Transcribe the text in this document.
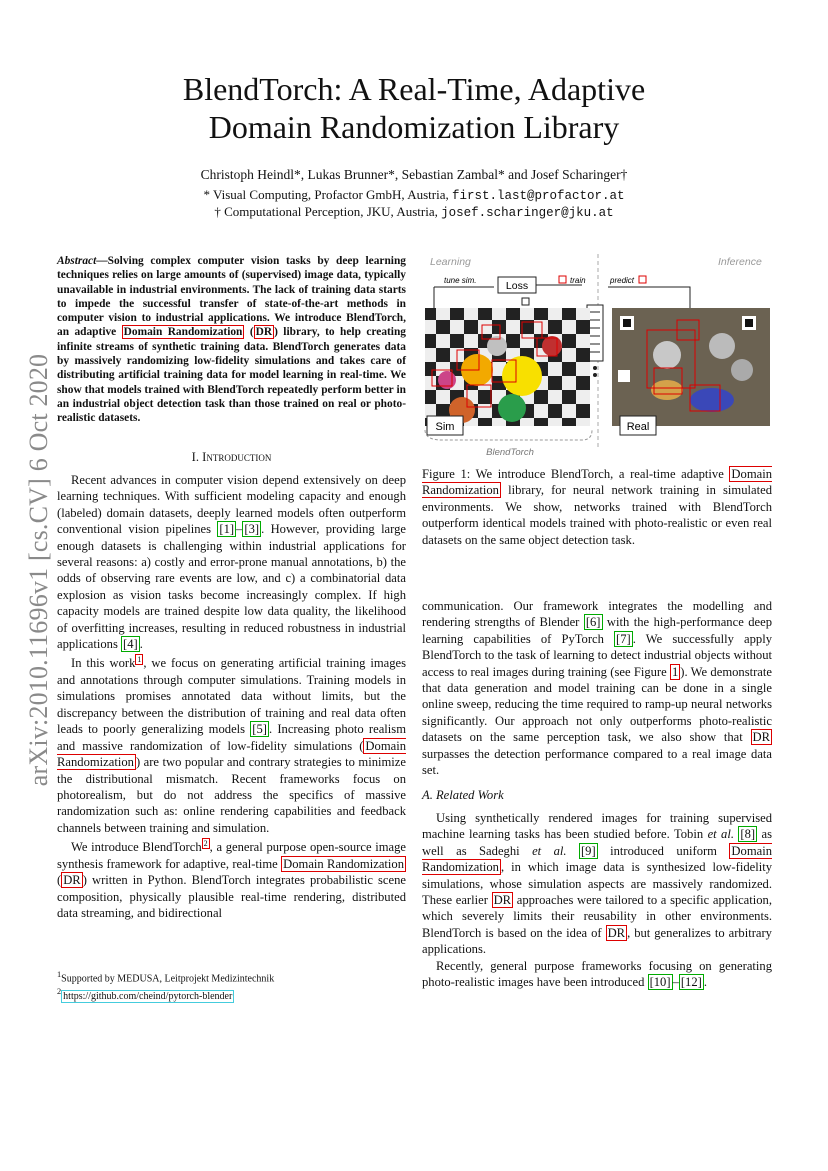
arXiv:2010.11696v1 [cs.CV] 6 Oct 2020
BlendTorch: A Real-Time, Adaptive
Domain Randomization Library
Christoph Heindl*, Lukas Brunner*, Sebastian Zambal* and Josef Scharinger†
* Visual Computing, Profactor GmbH, Austria, first.last@profactor.at
† Computational Perception, JKU, Austria, josef.scharinger@jku.at
Abstract—Solving complex computer vision tasks by deep learning techniques relies on large amounts of (supervised) image data, typically unavailable in industrial environments. The lack of training data starts to impede the successful transfer of state-of-the-art methods in computer vision to industrial applications. We introduce BlendTorch, an adaptive Domain Randomization ( DR ) library, to help creating infinite streams of synthetic training data. BlendTorch generates data by massively randomizing low-fidelity simulations and takes care of distributing artificial training data for model learning in real-time. We show that models trained with BlendTorch repeatedly perform better in an industrial object detection task than those trained on real or photo-realistic datasets.
I. Introduction

Recent advances in computer vision depend extensively on deep learning techniques. With sufficient modeling capacity and enough (labeled) domain datasets, deeply learned models often outperform conventional vision pipelines [1] – [3] . However, providing large enough datasets is challenging within industrial applications for several reasons: a) costly and error-prone manual annotations, b) the odds of observing rare events are low, and c) a combinatorial data explosion as vision tasks become increasingly complex. If high capacity models are trained despite low data quality, the likelihood of overfitting increases, resulting in reduced robustness in industrial applications [4] .

In this work $^1$ , we focus on generating artificial training images and annotations through computer simulations. Training models in simulations promises annotated data without limits, but the discrepancy between the distribution of training and real data often leads to poorly generalizing models [5] . Increasing photo realism and massive randomization of low-fidelity simulations ( Domain Randomization ) are two popular and contrary strategies to minimize the distributional mismatch. Recent frameworks focus on photorealism, but do not address the specifics of massive randomization such as: online rendering capabilities and feedback channels between training and simulation.

We introduce BlendTorch $^2$ , a general purpose open-source image synthesis framework for adaptive, real-time Domain Randomization ( DR ) written in Python. BlendTorch integrates probabilistic scene composition, physically plausible real-time rendering, distributed data streaming, and bidirectional

$^1$Supported by MEDUSA, Leitprojekt Medizintechnik
$^2$ https://github.com/cheind/pytorch-blender
Learning	Inference
tune sim.	Loss	train	predict
Sim	Real
BlendTorch
Figure 1: We introduce BlendTorch, a real-time adaptive Domain Randomization library, for neural network training in simulated environments. We show, networks trained with BlendTorch outperform identical models trained with photo-realistic or even real datasets on the same object detection task.

communication. Our framework integrates the modelling and rendering strengths of Blender [6] with the high-performance deep learning capabilities of PyTorch [7] . We successfully apply BlendTorch to the task of learning to detect industrial objects without access to real images during training (see Figure 1 ). We demonstrate that data generation and model training can be done in a single online sweep, reducing the time required to ramp-up neural networks significantly. Our approach not only outperforms photo-realistic datasets on the same perception task, we also show that DR surpasses the detection performance compared to a real image data set.

A. Related Work

Using synthetically rendered images for training supervised machine learning tasks has been studied before. Tobin et al. [8] as well as Sadeghi et al. [9] introduced uniform Domain Randomization , in which image data is synthesized low-fidelity simulations, whose simulation aspects are massively randomized. These earlier DR approaches were tailored to a specific application, which severely limits their reusability in other environments. BlendTorch is based on the idea of DR , but generalizes to arbitrary applications.

Recently, general purpose frameworks focusing on generating photo-realistic images have been introduced [10] – [12] .
